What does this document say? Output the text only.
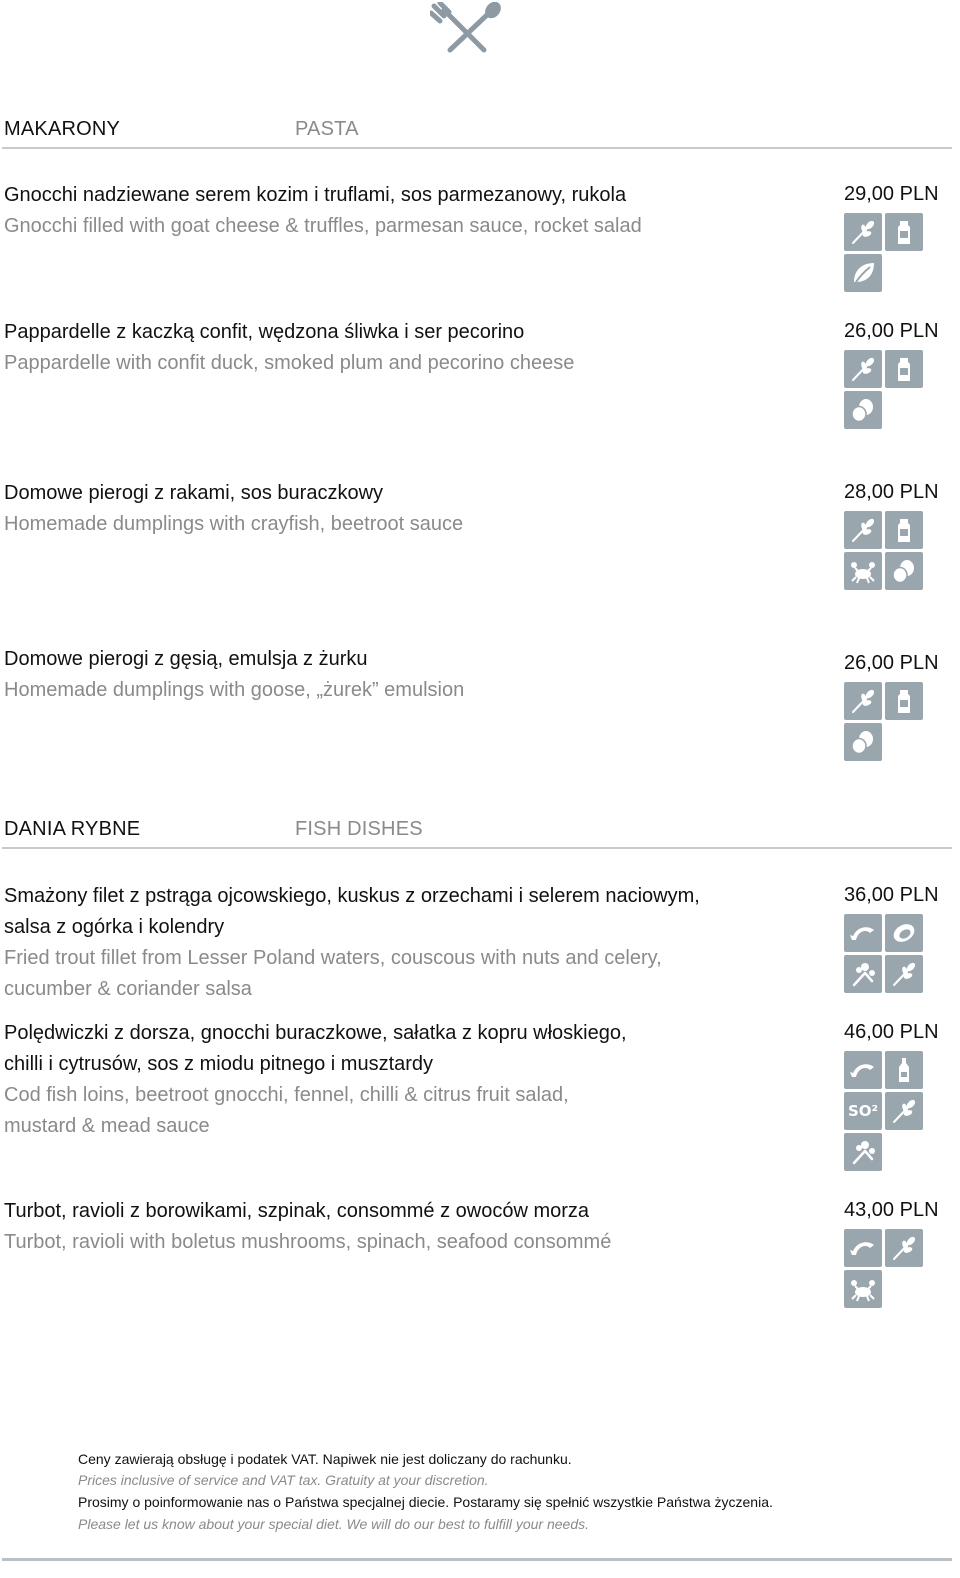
MAKARONY	PASTA
Gnocchi nadziewane serem kozim i truflami, sos parmezanowy, rukola
Gnocchi filled with goat cheese & truffles, parmesan sauce, rocket salad
29,00 PLN
Pappardelle z kaczką confit, wędzona śliwka i ser pecorino
Pappardelle with confit duck, smoked plum and pecorino cheese
26,00 PLN
Domowe pierogi z rakami, sos buraczkowy
Homemade dumplings with crayfish, beetroot sauce
28,00 PLN
Domowe pierogi z gęsią, emulsja z żurku
Homemade dumplings with goose, „żurek” emulsion
26,00 PLN
DANIA RYBNE	FISH DISHES
Smażony filet z pstrąga ojcowskiego, kuskus z orzechami i selerem naciowym,
salsa z ogórka i kolendry
Fried trout fillet from Lesser Poland waters, couscous with nuts and celery,
cucumber & coriander salsa
36,00 PLN
Polędwiczki z dorsza, gnocchi buraczkowe, sałatka z kopru włoskiego,
chilli i cytrusów, sos z miodu pitnego i musztardy
Cod fish loins, beetroot gnocchi, fennel, chilli & citrus fruit salad,
mustard & mead sauce
46,00 PLN
SO²
Turbot, ravioli z borowikami, szpinak, consommé z owoców morza
Turbot, ravioli with boletus mushrooms, spinach, seafood consommé
43,00 PLN
Ceny zawierają obsługę i podatek VAT. Napiwek nie jest doliczany do rachunku.
Prices inclusive of service and VAT tax. Gratuity at your discretion.
Prosimy o poinformowanie nas o Państwa specjalnej diecie. Postaramy się spełnić wszystkie Państwa życzenia.
Please let us know about your special diet. We will do our best to fulfill your needs.
